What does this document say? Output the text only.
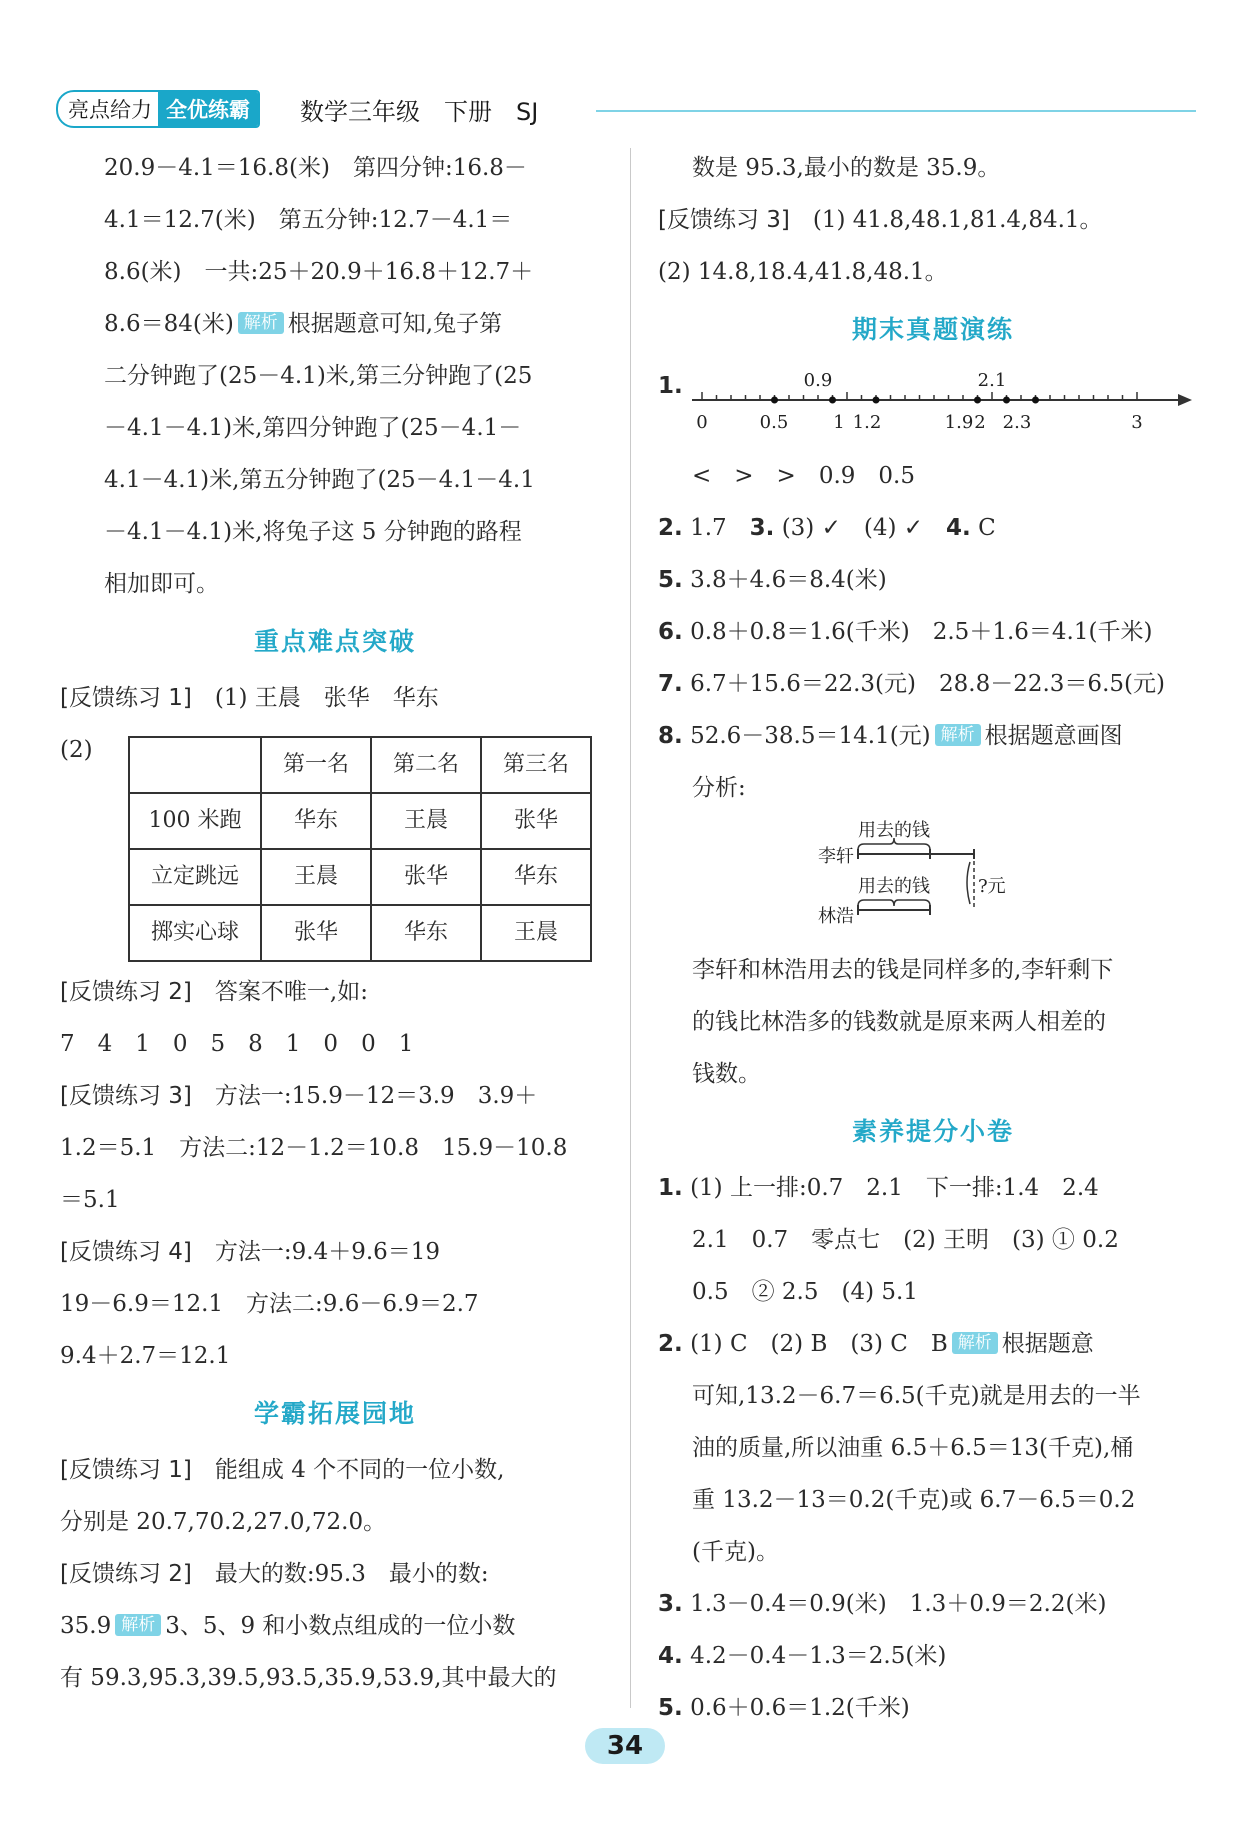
亮点给力 全优练霸	数学三年级　下册　SJ

20.9－4.1＝16.8(米)　第四分钟:16.8－

4.1＝12.7(米)　第五分钟:12.7－4.1＝

8.6(米)　一共:25＋20.9＋16.8＋12.7＋

8.6＝84(米) 解析 根据题意可知,兔子第

二分钟跑了(25－4.1)米,第三分钟跑了(25

－4.1－4.1)米,第四分钟跑了(25－4.1－

4.1－4.1)米,第五分钟跑了(25－4.1－4.1

－4.1－4.1)米,将兔子这 5 分钟跑的路程

相加即可。

重点难点突破

[反馈练习 1]　 (1) 王晨　张华　华东

(2)

	第一名	第二名	第三名
100 米跑	华东	王晨	张华
立定跳远	王晨	张华	华东
掷实心球	张华	华东	王晨

[反馈练习 2]　 答案不唯一,如:

7　4　1　0　5　8　1　0　0　1

[反馈练习 3]　 方法一:15.9－12＝3.9　3.9＋

1.2＝5.1　方法二:12－1.2＝10.8　15.9－10.8

＝5.1

[反馈练习 4]　 方法一:9.4＋9.6＝19

19－6.9＝12.1　方法二:9.6－6.9＝2.7

9.4＋2.7＝12.1

学霸拓展园地

[反馈练习 1]　 能组成 4 个不同的一位小数,

分别是 20.7,70.2,27.0,72.0。

[反馈练习 2]　 最大的数:95.3　最小的数:

35.9 解析 3、5、9 和小数点组成的一位小数

有 59.3,95.3,39.5,93.5,35.9,53.9,其中最大的

数是 95.3,最小的数是 35.9。

[反馈练习 3]　 (1) 41.8,48.1,81.4,84.1。

(2) 14.8,18.4,41.8,48.1。

期末真题演练
1.
0	0.5 1 1.2	1.9 2 2.3	3
0.9	2.1

<　>　>　0.9　0.5

2. 1.7　 3. (3) ✓　(4) ✓　 4. C

5. 3.8＋4.6＝8.4(米)

6. 0.8＋0.8＝1.6(千米)　2.5＋1.6＝4.1(千米)

7. 6.7＋15.6＝22.3(元)　28.8－22.3＝6.5(元)

8. 52.6－38.5＝14.1(元) 解析 根据题意画图

分析:

用去的钱
李轩
用去的钱	?元
林浩

李轩和林浩用去的钱是同样多的,李轩剩下

的钱比林浩多的钱数就是原来两人相差的

钱数。

素养提分小卷

1. (1) 上一排:0.7　2.1　下一排:1.4　2.4

2.1　0.7　零点七　(2) 王明　(3) ① 0.2

0.5　② 2.5　(4) 5.1

2. (1) C　(2) B　(3) C　B 解析 根据题意

可知,13.2－6.7＝6.5(千克)就是用去的一半

油的质量,所以油重 6.5＋6.5＝13(千克),桶

重 13.2－13＝0.2(千克)或 6.7－6.5＝0.2

(千克)。

3. 1.3－0.4＝0.9(米)　1.3＋0.9＝2.2(米)

4. 4.2－0.4－1.3＝2.5(米)

5. 0.6＋0.6＝1.2(千米)

34
